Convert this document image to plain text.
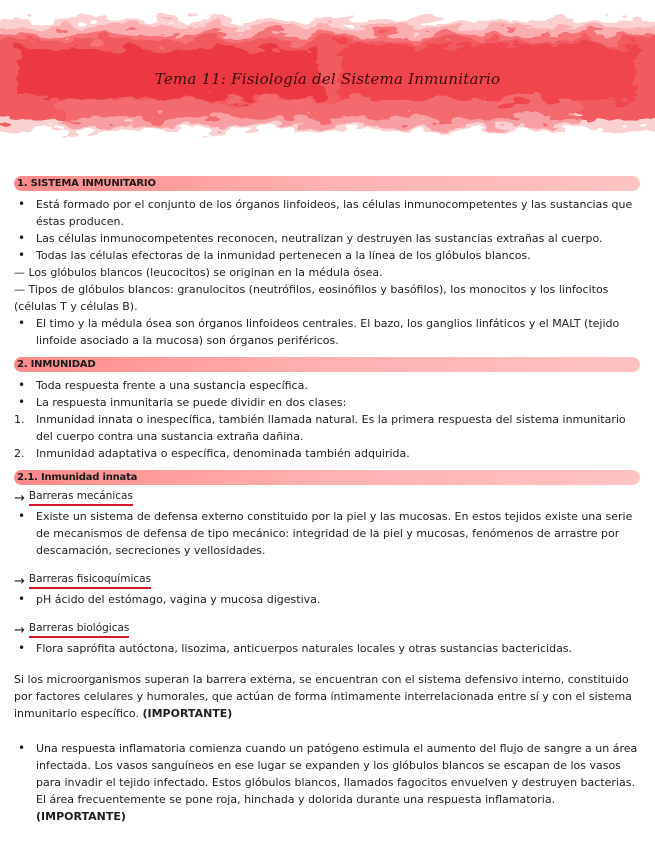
Tema 11: Fisiología del Sistema Inmunitario
1. SISTEMA INMUNITARIO
• Está formado por el conjunto de los órganos linfoideos, las células inmunocompetentes y las sustancias que éstas producen.
• Las células inmunocompetentes reconocen, neutralizan y destruyen las sustancias extrañas al cuerpo.
• Todas las células efectoras de la inmunidad pertenecen a la línea de los glóbulos blancos.

— Los glóbulos blancos (leucocitos) se originan en la médula ósea.

— Tipos de glóbulos blancos: granulocitos (neutrófilos, eosinófilos y basófilos), los monocitos y los linfocitos (células T y células B).

• El timo y la médula ósea son órganos linfoideos centrales. El bazo, los ganglios linfáticos y el MALT (tejido linfoide asociado a la mucosa) son órganos periféricos.
2. INMUNIDAD
• Toda respuesta frente a una sustancia específica.
• La respuesta inmunitaria se puede dividir en dos clases:
1. Inmunidad innata o inespecífica, también llamada natural. Es la primera respuesta del sistema inmunitario del cuerpo contra una sustancia extraña dañina.
2. Inmunidad adaptativa o específica, denominada también adquirida.
2.1. Inmunidad innata
→ Barreras mecánicas
• Existe un sistema de defensa externo constituido por la piel y las mucosas. En estos tejidos existe una serie de mecanismos de defensa de tipo mecánico: integridad de la piel y mucosas, fenómenos de arrastre por descamación, secreciones y vellosidades.
→ Barreras fisicoquímicas
• pH ácido del estómago, vagina y mucosa digestiva.
→ Barreras biológicas
• Flora saprófita autóctona, lisozima, anticuerpos naturales locales y otras sustancias bactericidas.

Si los microorganismos superan la barrera externa, se encuentran con el sistema defensivo interno, constituido por factores celulares y humorales, que actúan de forma íntimamente interrelacionada entre sí y con el sistema inmunitario específico. (IMPORTANTE)

• Una respuesta inflamatoria comienza cuando un patógeno estimula el aumento del flujo de sangre a un área infectada. Los vasos sanguíneos en ese lugar se expanden y los glóbulos blancos se escapan de los vasos para invadir el tejido infectado. Estos glóbulos blancos, llamados fagocitos envuelven y destruyen bacterias. El área frecuentemente se pone roja, hinchada y dolorida durante una respuesta inflamatoria. (IMPORTANTE)
